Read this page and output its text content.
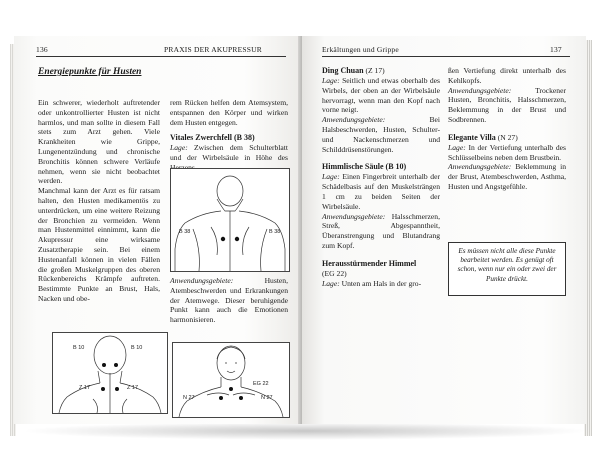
136	PRAXIS DER AKUPRESSUR
Energiepunkte für Husten

Ein schwerer, wiederholt auftretender oder unkontrollierter Husten ist nicht harmlos, und man sollte in diesem Fall stets zum Arzt gehen. Viele Krankheiten wie Grippe, Lungenentzündung und chronische Bronchitis können schwere Verläufe nehmen, wenn sie nicht beobachtet werden.

Manchmal kann der Arzt es für ratsam halten, den Husten medikamentös zu unterdrücken, um eine weitere Reizung der Bronchien zu vermeiden. Wenn man Hustenmittel einnimmt, kann die Akupressur eine wirksame Zusatztherapie sein. Bei einem Hustenanfall können in vielen Fällen die großen Muskelgruppen des oberen Rückenbereichs Krämpfe auftreten. Bestimmte Punkte an Brust, Hals, Nacken und obe-

rem Rücken helfen dem Atemsystem, entspannen den Körper und wirken dem Husten entgegen.

Vitales Zwerchfell (B 38)

Lage: Zwischen dem Schulterblatt und der Wirbelsäule in Höhe des

B 38	B 38

Anwendungsgebiete:	Husten, Atembeschwerden und Erkrankungen der Atemwege. Dieser beruhigende Punkt kann auch die Emotionen harmonisieren.

B 10	B 10
Z 17	Z 17
EG 22
N 27	N 27
Erkältungen und Grippe	137

Ding Chuan (Z 17)

Lage: Seitlich und etwas oberhalb des Wirbels, der oben an der Wirbelsäule hervorragt, wenn man den Kopf nach vorne neigt.

Anwendungsgebiete:	Bei Halsbeschwerden, Husten, Schulter- und Nackenschmerzen und Schilddrüsenstörungen.

Himmlische Säule (B 10)

Lage: Einen Fingerbreit unterhalb der Schädelbasis auf den Muskelsträngen 1 cm zu beiden Seiten der Wirbelsäule.

Anwendungsgebiete: Halsschmerzen, Streß, Abgespanntheit, Überanstrengung und Blutandrang zum Kopf.

Herausstürmender Himmel

(EG 22)

Lage: Unten am Hals in der gro-

ßen Vertiefung direkt unterhalb des Kehlkopfs.

Anwendungsgebiete:	Trockener Husten, Bronchitis, Halsschmerzen, Beklemmung in der Brust und Sodbrennen.

Elegante Villa (N 27)

Lage: In der Vertiefung unterhalb des Schlüsselbeins neben dem Brustbein.

Anwendungsgebiete: Beklemmung in der Brust, Atembeschwerden, Asthma, Husten und Angstgefühle.

Es müssen nicht alle diese Punkte bearbeitet werden. Es genügt oft schon, wenn nur ein oder zwei der Punkte drückt.
